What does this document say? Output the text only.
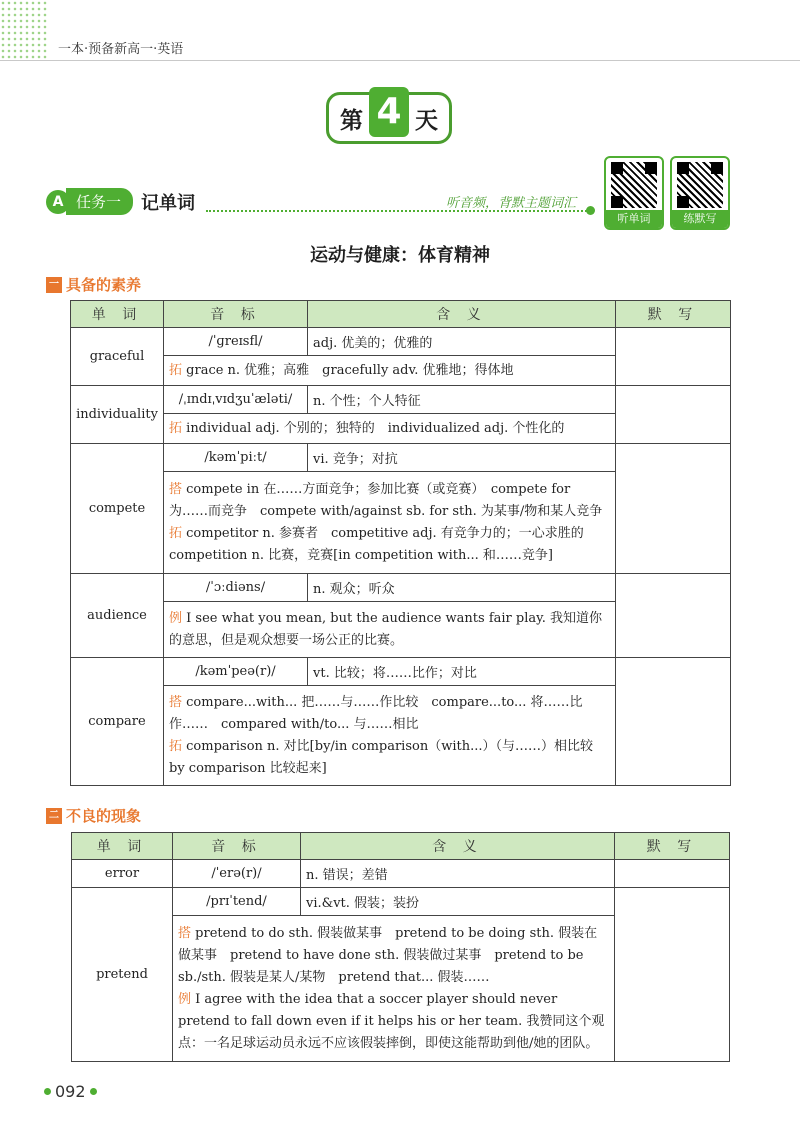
一本·预备新高一·英语
第 4 天
听单词	练默写
A 任务一	记单词	听音频，背默主题词汇
运动与健康：体育精神
一 具备的素养
单 词	音 标	含 义	默 写
graceful	/ˈɡreɪsfl/	adj. 优美的；优雅的	

	拓 grace n. 优雅；高雅　gracefully adv. 优雅地；得体地		

individuality	/ˌɪndɪˌvɪdʒuˈæləti/	n. 个性；个人特征	

	拓 individual adj. 个别的；独特的　individualized adj. 个性化的		

compete	/kəmˈpiːt/	vi. 竞争；对抗	

	搭 compete in 在……方面竞争；参加比赛（或竞赛）　compete for 为……而竞争　compete with/against sb. for sth. 为某事/物和某人竞争

拓 competitor n. 参赛者　competitive adj. 有竞争力的；一心求胜的　competition n. 比赛，竞赛[in competition with... 和……竞争]		

audience	/ˈɔːdiəns/	n. 观众；听众	

	例 I see what you mean, but the audience wants fair play. 我知道你的意思，但是观众想要一场公正的比赛。		

compare	/kəmˈpeə(r)/	vt. 比较；将……比作；对比	

	搭 compare...with... 把……与……作比较　compare...to... 将……比作……　compared with/to... 与……相比

拓 comparison n. 对比[by/in comparison（with...）（与……）相比较　by comparison 比较起来]		

二 不良的现象
单 词	音 标	含 义	默 写
error	/ˈerə(r)/	n. 错误；差错	
pretend	/prɪˈtend/	vi.&vt. 假装；装扮	

	搭 pretend to do sth. 假装做某事　pretend to be doing sth. 假装在做某事　pretend to have done sth. 假装做过某事　pretend to be sb./sth. 假装是某人/某物　pretend that... 假装……

例 I agree with the idea that a soccer player should never pretend to fall down even if it helps his or her team. 我赞同这个观点：一名足球运动员永远不应该假装摔倒，即使这能帮助到他/她的团队。		

092
